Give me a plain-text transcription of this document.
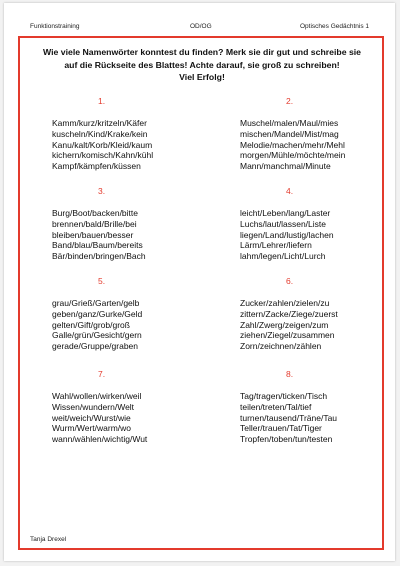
Funktionstraining	OD/OG	Optisches Gedächtnis 1
Wie viele Namenwörter konntest du finden? Merk sie dir gut und schreibe sie
auf die Rückseite des Blattes! Achte darauf, sie groß zu schreiben!
Viel Erfolg!
1.
Kamm/kurz/kritzeln/Käfer
kuscheln/Kind/Krake/kein
Kanu/kalt/Korb/Kleid/kaum
kichern/komisch/Kahn/kühl
Kampf/kämpfen/küssen
2.
Muschel/malen/Maul/mies
mischen/Mandel/Mist/mag
Melodie/machen/mehr/Mehl
morgen/Mühle/möchte/mein
Mann/manchmal/Minute
3.
Burg/Boot/backen/bitte
brennen/bald/Brille/bei
bleiben/bauen/besser
Band/blau/Baum/bereits
Bär/binden/bringen/Bach
4.
leicht/Leben/lang/Laster
Luchs/laut/lassen/Liste
liegen/Land/lustig/lachen
Lärm/Lehrer/liefern
lahm/legen/Licht/Lurch
5.
grau/Grieß/Garten/gelb
geben/ganz/Gurke/Geld
gelten/Gift/grob/groß
Galle/grün/Gesicht/gern
gerade/Gruppe/graben
6.
Zucker/zahlen/zielen/zu
zittern/Zacke/Ziege/zuerst
Zahl/Zwerg/zeigen/zum
ziehen/Ziegel/zusammen
Zorn/zeichnen/zählen
7.
Wahl/wollen/wirken/weil
Wissen/wundern/Welt
weit/weich/Wurst/wie
Wurm/Wert/warm/wo
wann/wählen/wichtig/Wut
8.
Tag/tragen/ticken/Tisch
teilen/treten/Tal/tief
turnen/tausend/Träne/Tau
Teller/trauen/Tat/Tiger
Tropfen/toben/tun/testen
Tanja Drexel
